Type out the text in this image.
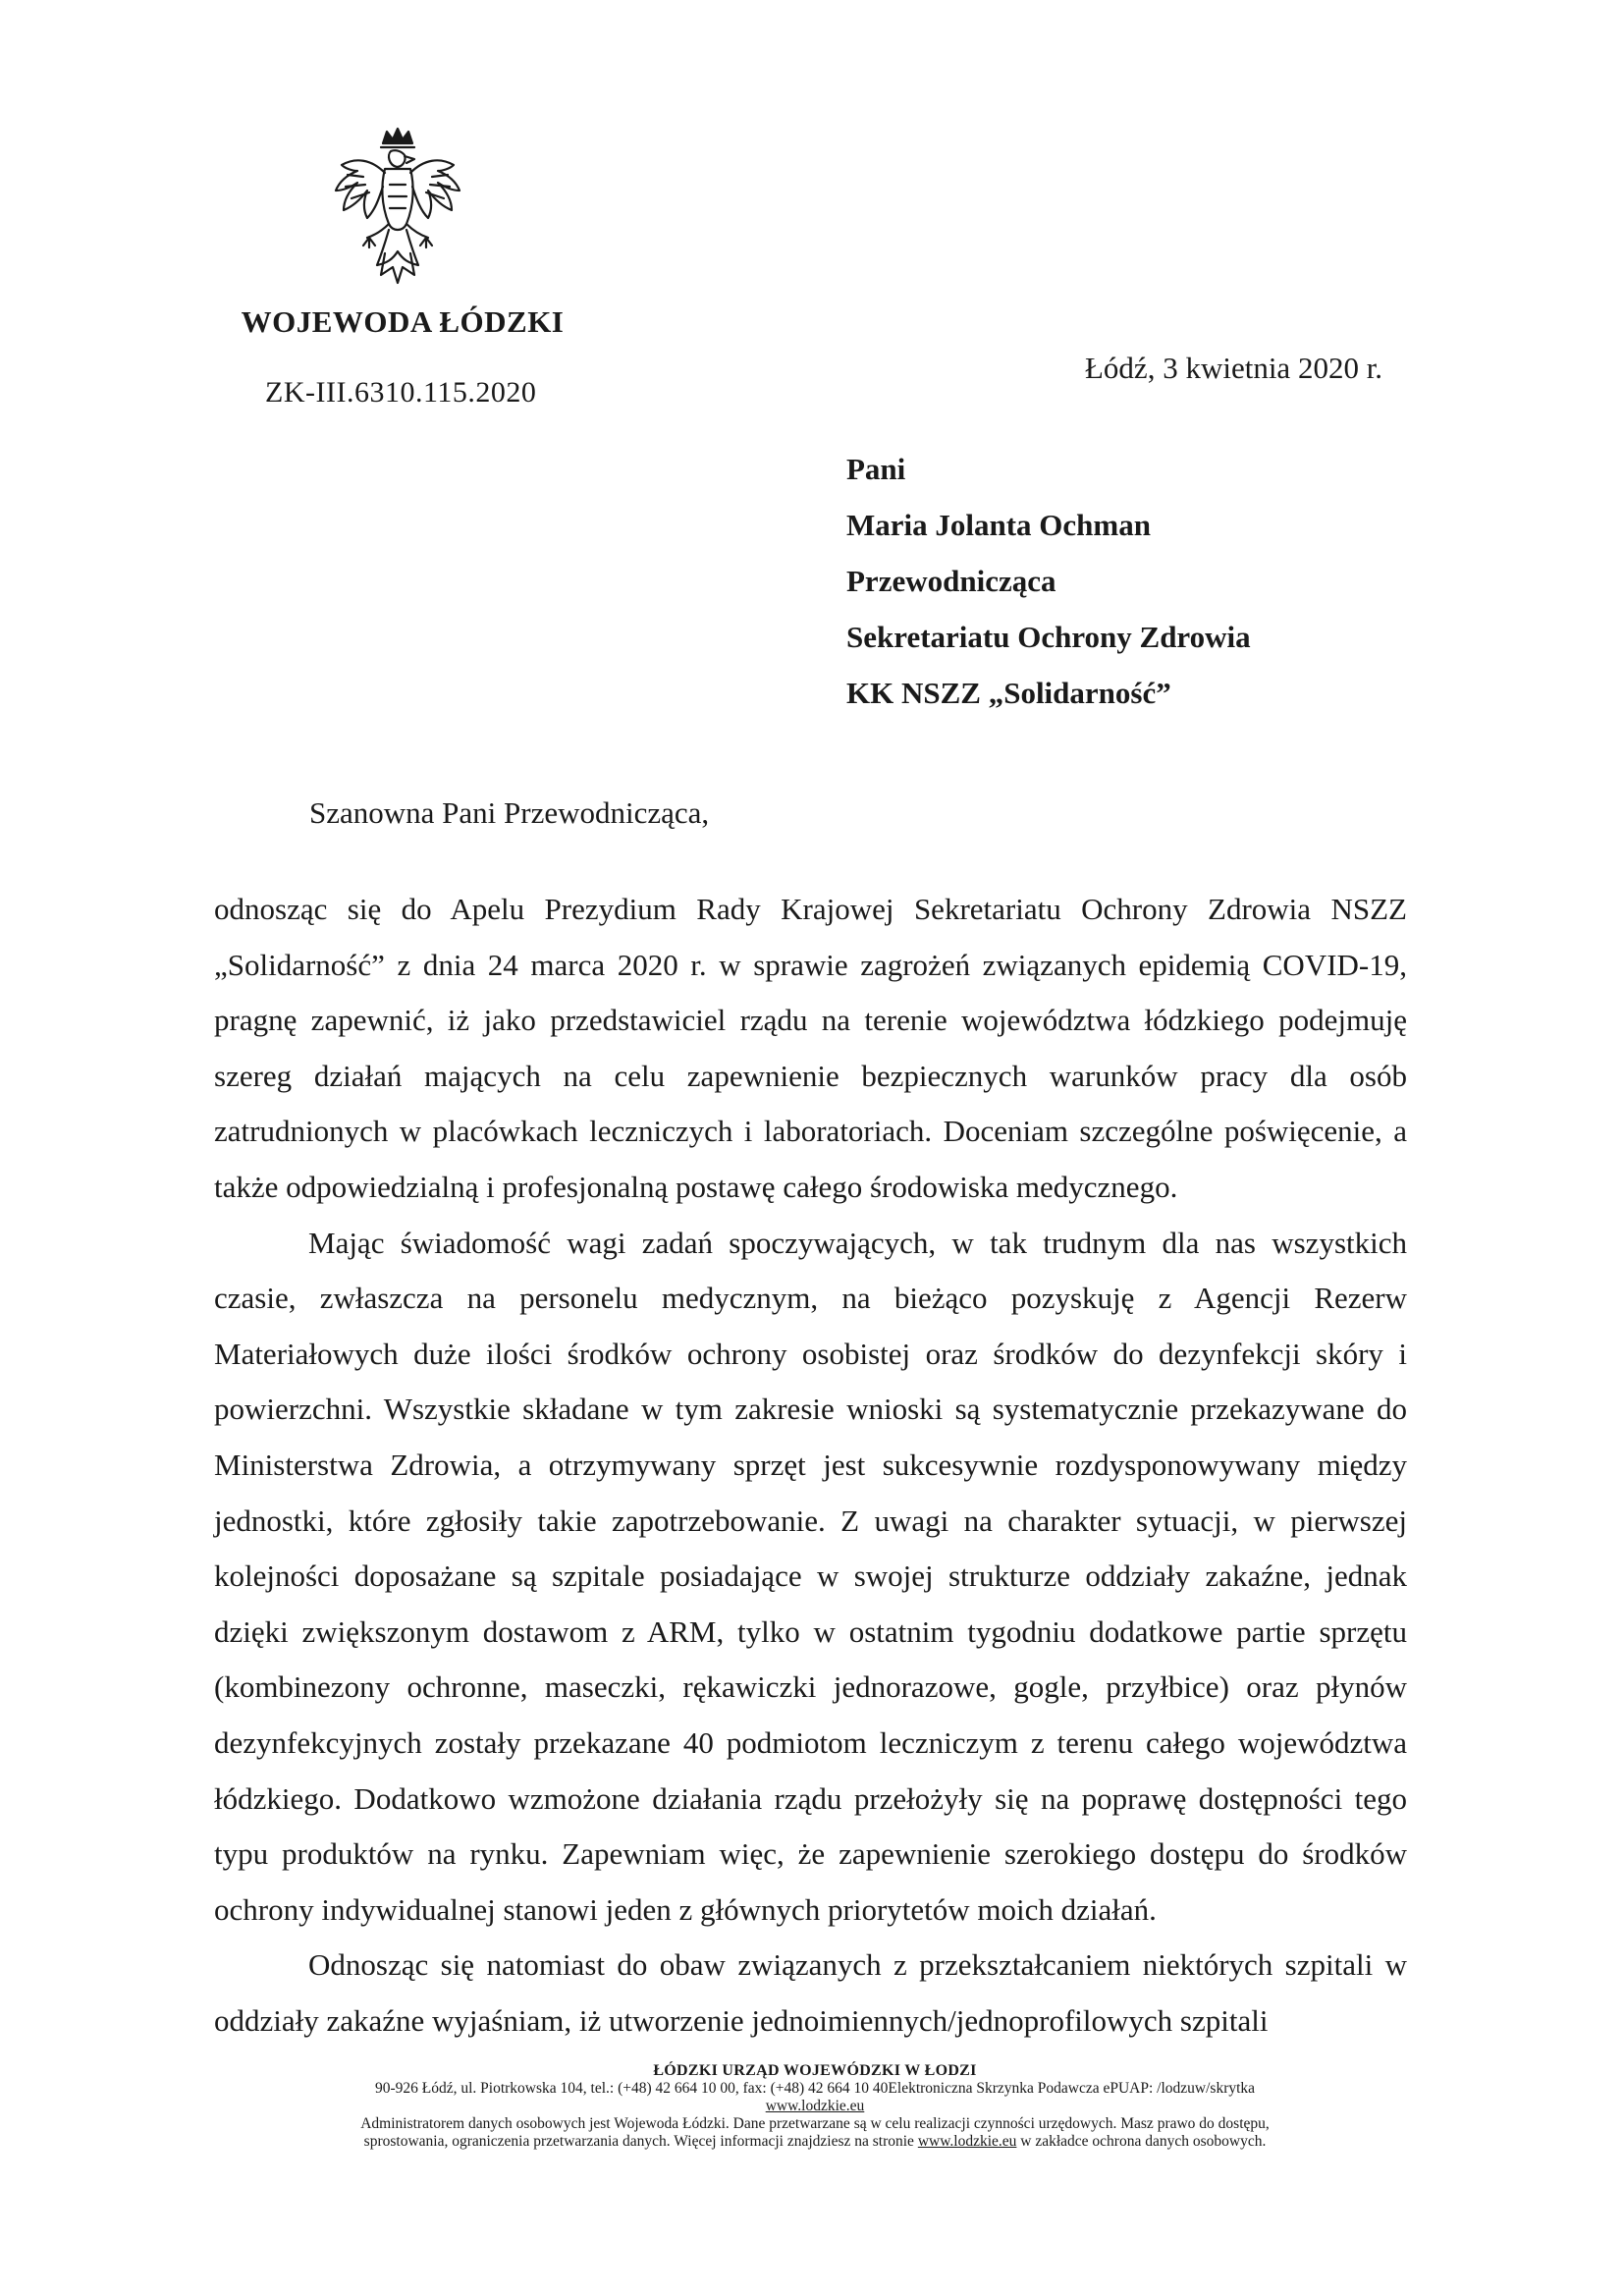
WOJEWODA ŁÓDZKI
ZK-III.6310.115.2020
Łódź, 3 kwietnia 2020 r.
Pani
Maria Jolanta Ochman
Przewodnicząca
Sekretariatu Ochrony Zdrowia
KK NSZZ „Solidarność”
Szanowna Pani Przewodnicząca,

odnosząc się do Apelu Prezydium Rady Krajowej Sekretariatu Ochrony Zdrowia NSZZ „Solidarność” z dnia 24 marca 2020 r. w sprawie zagrożeń związanych epidemią COVID-19, pragnę zapewnić, iż jako przedstawiciel rządu na terenie województwa łódzkiego podejmuję szereg działań mających na celu zapewnienie bezpiecznych warunków pracy dla osób zatrudnionych w placówkach leczniczych i laboratoriach. Doceniam szczególne poświęcenie, a także odpowiedzialną i profesjonalną postawę całego środowiska medycznego.

Mając świadomość wagi zadań spoczywających, w tak trudnym dla nas wszystkich czasie, zwłaszcza na personelu medycznym, na bieżąco pozyskuję z Agencji Rezerw Materiałowych duże ilości środków ochrony osobistej oraz środków do dezynfekcji skóry i powierzchni. Wszystkie składane w tym zakresie wnioski są systematycznie przekazywane do Ministerstwa Zdrowia, a otrzymywany sprzęt jest sukcesywnie rozdysponowywany między jednostki, które zgłosiły takie zapotrzebowanie. Z uwagi na charakter sytuacji, w pierwszej kolejności doposażane są szpitale posiadające w swojej strukturze oddziały zakaźne, jednak dzięki zwiększonym dostawom z ARM, tylko w ostatnim tygodniu dodatkowe partie sprzętu (kombinezony ochronne, maseczki, rękawiczki jednorazowe, gogle, przyłbice) oraz płynów dezynfekcyjnych zostały przekazane 40 podmiotom leczniczym z terenu całego województwa łódzkiego. Dodatkowo wzmożone działania rządu przełożyły się na poprawę dostępności tego typu produktów na rynku. Zapewniam więc, że zapewnienie szerokiego dostępu do środków ochrony indywidualnej stanowi jeden z głównych priorytetów moich działań.

Odnosząc się natomiast do obaw związanych z przekształcaniem niektórych szpitali w oddziały zakaźne wyjaśniam, iż utworzenie jednoimiennych/jednoprofilowych szpitali

ŁÓDZKI URZĄD WOJEWÓDZKI W ŁODZI
90-926 Łódź, ul. Piotrkowska 104, tel.: (+48) 42 664 10 00, fax: (+48) 42 664 10 40Elektroniczna Skrzynka Podawcza ePUAP: /lodzuw/skrytka
www.lodzkie.eu
Administratorem danych osobowych jest Wojewoda Łódzki. Dane przetwarzane są w celu realizacji czynności urzędowych. Masz prawo do dostępu,
sprostowania, ograniczenia przetwarzania danych. Więcej informacji znajdziesz na stronie www.lodzkie.eu w zakładce ochrona danych osobowych.
